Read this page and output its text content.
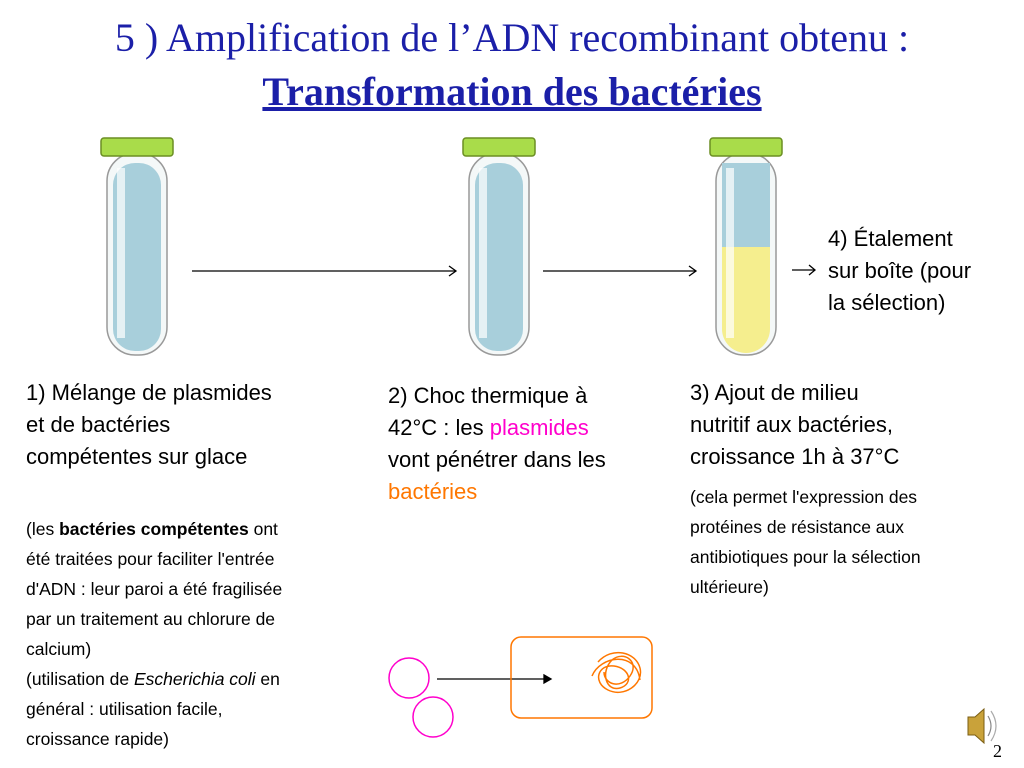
5 ) Amplification de l’ADN recombinant obtenu :
Transformation des bactéries
4) Étalement
sur boîte (pour
la sélection)
1) Mélange de plasmides
et de bactéries
compétentes sur glace
(les bactéries compétentes ont
été traitées pour faciliter l'entrée
d'ADN : leur paroi a été fragilisée
par un traitement au chlorure de
calcium)
(utilisation de Escherichia coli en
général : utilisation facile,
croissance rapide)
2) Choc thermique à
42°C : les plasmides
vont pénétrer dans les
bactéries
3) Ajout de milieu
nutritif aux bactéries,
croissance 1h à 37°C
(cela permet l'expression des
protéines de résistance aux
antibiotiques pour la sélection
ultérieure)
2
